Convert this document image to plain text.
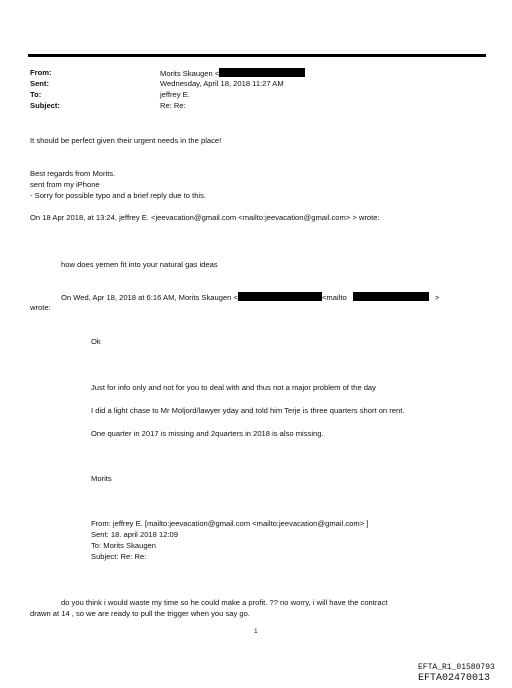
From:	Morits Skaugen <
Sent:	Wednesday, April 18, 2018 11:27 AM
To:	jeffrey E.
Subject:	Re: Re:
It should be perfect given their urgent needs in the place!
Best regards from Morits.
sent from my iPhone
- Sorry for possible typo and a brief reply due to this.
On 18 Apr 2018, at 13:24, jeffrey E. <jeevacation@gmail.com <mailto:jeevacation@gmail.com> > wrote:
how does yemen fit into your natural gas ideas
On Wed, Apr 18, 2018 at 6:16 AM, Morits Skaugen <	<mailto	>
wrote:
Ok
Just for info only and not for you to deal with and thus not a major problem of the day
I did a light chase to Mr Moljord/lawyer yday and told him Terje is three quarters short on rent.
One quarter in 2017 is missing and 2quarters in 2018 is also missing.
Morits
From: jeffrey E. [mailto:jeevacation@gmail.com <mailto:jeevacation@gmail.com> ]
Sent: 18. april 2018 12:09
To: Morits Skaugen
Subject: Re: Re:
do you think i would waste my time so he could make a profit. ?? no worry, i will have the contract
drawn at 14 , so we are ready to pull the trigger when you say go.
1
EFTA_R1_01580793
EFTA02470013
